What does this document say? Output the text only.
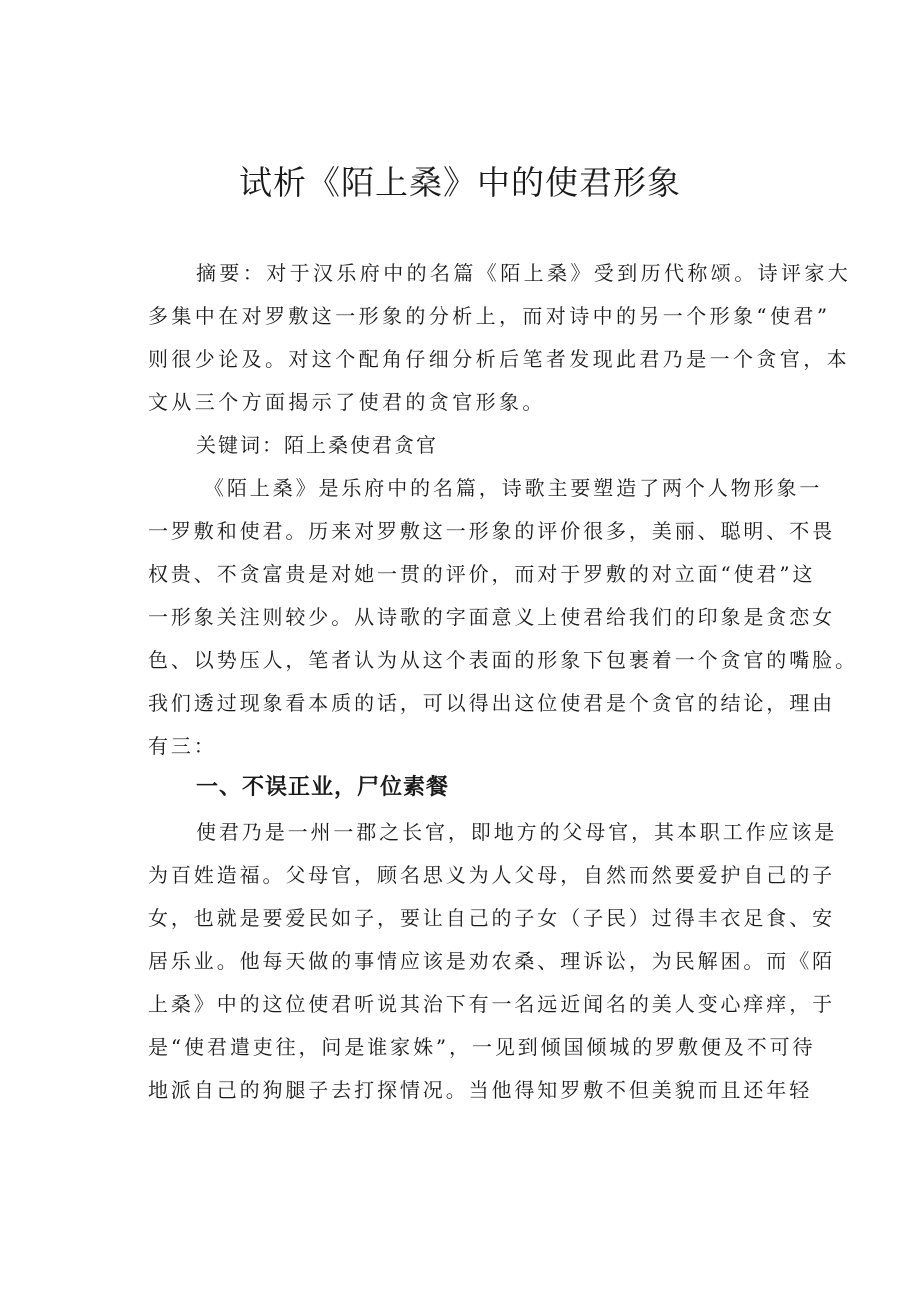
试析《陌上桑》中的使君形象
摘要：对于汉乐府中的名篇《陌上桑》受到历代称颂。诗评家大
多集中在对罗敷这一形象的分析上，而对诗中的另一个形象“使君”
则很少论及。对这个配角仔细分析后笔者发现此君乃是一个贪官，本
文从三个方面揭示了使君的贪官形象。
关键词：陌上桑使君贪官
《陌上桑》是乐府中的名篇，诗歌主要塑造了两个人物形象一
一罗敷和使君。历来对罗敷这一形象的评价很多，美丽、聪明、不畏
权贵、不贪富贵是对她一贯的评价，而对于罗敷的对立面“使君”这
一形象关注则较少。从诗歌的字面意义上使君给我们的印象是贪恋女
色、以势压人，笔者认为从这个表面的形象下包裹着一个贪官的嘴脸。
我们透过现象看本质的话，可以得出这位使君是个贪官的结论，理由
有三：
一、不误正业，尸位素餐
使君乃是一州一郡之长官，即地方的父母官，其本职工作应该是
为百姓造福。父母官，顾名思义为人父母，自然而然要爱护自己的子
女，也就是要爱民如子，要让自己的子女（子民）过得丰衣足食、安
居乐业。他每天做的事情应该是劝农桑、理诉讼，为民解困。而《陌
上桑》中的这位使君听说其治下有一名远近闻名的美人变心痒痒，于
是“使君遣吏往，问是谁家姝”，一见到倾国倾城的罗敷便及不可待
地派自己的狗腿子去打探情况。当他得知罗敷不但美貌而且还年轻
